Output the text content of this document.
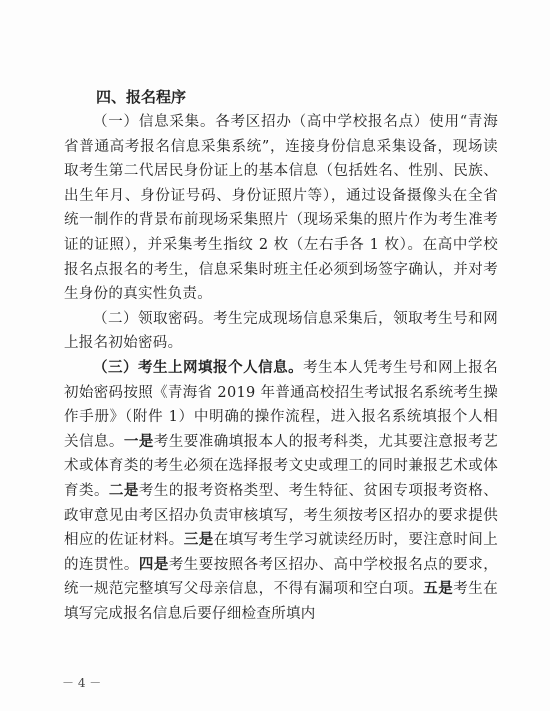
四、报名程序

（一）信息采集。各考区招办（高中学校报名点）使用“青海省普通高考报名信息采集系统”，连接身份信息采集设备，现场读取考生第二代居民身份证上的基本信息（包括姓名、性别、民族、出生年月、身份证号码、身份证照片等），通过设备摄像头在全省统一制作的背景布前现场采集照片（现场采集的照片作为考生准考证的证照），并采集考生指纹 2 枚（左右手各 1 枚）。在高中学校报名点报名的考生，信息采集时班主任必须到场签字确认，并对考生身份的真实性负责。

（二）领取密码。考生完成现场信息采集后，领取考生号和网上报名初始密码。

（三）考生上网填报个人信息。考生本人凭考生号和网上报名初始密码按照《青海省 2019 年普通高校招生考试报名系统考生操作手册》（附件 1）中明确的操作流程，进入报名系统填报个人相关信息。一是考生要准确填报本人的报考科类，尤其要注意报考艺术或体育类的考生必须在选择报考文史或理工的同时兼报艺术或体育类。二是考生的报考资格类型、考生特征、贫困专项报考资格、政审意见由考区招办负责审核填写，考生须按考区招办的要求提供相应的佐证材料。三是在填写考生学习就读经历时，要注意时间上的连贯性。四是考生要按照各考区招办、高中学校报名点的要求，统一规范完整填写父母亲信息，不得有漏项和空白项。五是考生在填写完成报名信息后要仔细检查所填内

－ 4 －
